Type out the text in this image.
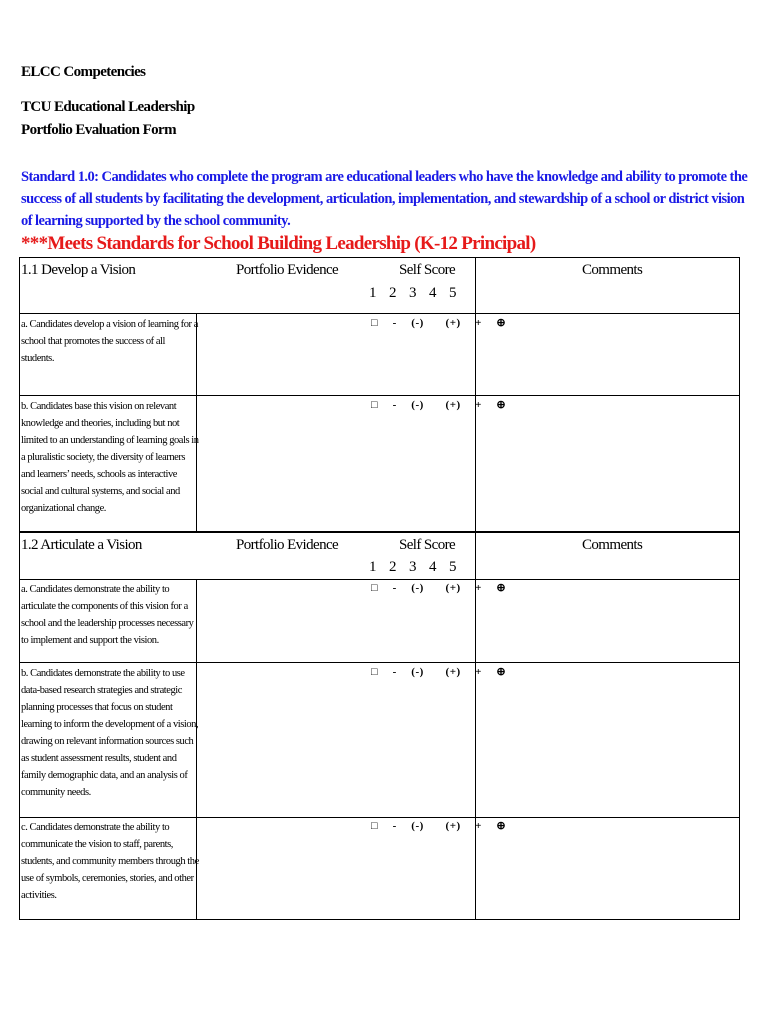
ELCC Competencies
TCU Educational Leadership
Portfolio Evaluation Form
Standard 1.0: Candidates who complete the program are educational leaders who have the knowledge and ability to promote the success of all students by facilitating the development, articulation, implementation, and stewardship of a school or district vision of learning supported by the school community.
***Meets Standards for School Building Leadership (K-12 Principal)
1.1 Develop a Vision	Portfolio Evidence	Self Score
1    2    3    4    5
Comments
a. Candidates develop a vision of learning for a school that promotes the success of all students.
□  -  (-)   (+)  +  ⊕
b. Candidates base this vision on relevant knowledge and theories, including but not limited to an understanding of learning goals in a pluralistic society, the diversity of learners and learners’ needs, schools as interactive social and cultural systems, and social and organizational change.
□  -  (-)   (+)  +  ⊕
1.2 Articulate a Vision	Portfolio Evidence	Self Score
1    2    3    4    5
Comments
a. Candidates demonstrate the ability to articulate the components of this vision for a school and the leadership processes necessary to implement and support the vision.
□  -  (-)   (+)  +  ⊕
b. Candidates demonstrate the ability to use data-based research strategies and strategic planning processes that focus on student learning to inform the development of a vision, drawing on relevant information sources such as student assessment results, student and family demographic data, and an analysis of community needs.
□  -  (-)   (+)  +  ⊕
c. Candidates demonstrate the ability to communicate the vision to staff, parents, students, and community members through the use of symbols, ceremonies, stories, and other activities.
□  -  (-)   (+)  +  ⊕
